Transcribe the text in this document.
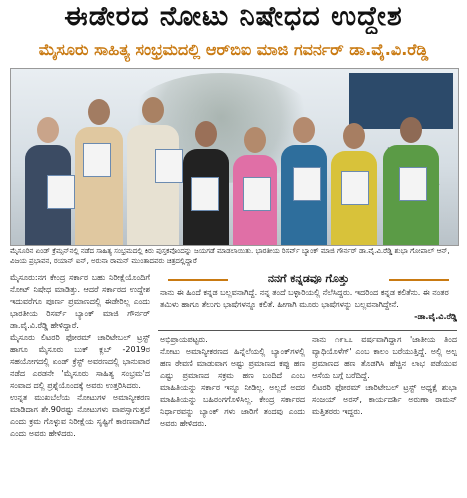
ಈಡೇರದ ನೋಟು ನಿಷೇಧದ ಉದ್ದೇಶ
ಮೈಸೂರು ಸಾಹಿತ್ಯ ಸಂಭ್ರಮದಲ್ಲಿ ಆರ್‌ಬಿಐ ಮಾಜಿ ಗವರ್ನರ್ ಡಾ.ವೈ.ವಿ.ರೆಡ್ಡಿ
ಮೈಸೂರಿನ ಏಂಡ್ ಕ್ರೆಮ್ಸನ್‌ನಲ್ಲಿ ನಡೆದ ಸಾಹಿತ್ಯ ಸಂಭ್ರಮದಲ್ಲಿ ಕಿರು ಪುಸ್ತಕವೊಂದನ್ನು ಜಯಗಡೆ ಮಾಡಲಾಯಿತು. ಭಾರತೀಯ ರಿಸರ್ವ್ ಬ್ಯಾಂಕ್ ಮಾಜಿ ಗೌರ್ನರ್ ಡಾ.ವೈ.ವಿ.ರೆಡ್ಡಿ ಶುಭಾ ಗೋಪಾಲ್ ಆನ್, ವಿಜಯ ಪ್ರಭಾವನ, ರಯಾನ್ ಐನ್, ಅರುನಾ ರಾಮನ್ ಮುಂತಾದವರು ಚಿತ್ರದಲ್ಲಿದ್ದಾರೆ

ಮೈಸೂರು:ನಗ ಕೇಂದ್ರ ಸರ್ಕಾರ ಬಹು ನಿರೀಕ್ಷೆಯೊಂದಿಗೆ ನೋಟ್ ನಿಷೇಧ ಮಾಡಿತ್ತು. ಆದರೆ ಸರ್ಕಾರದ ಉದ್ದೇಶ ಇದುವರೆಗೂ ಪೂರ್ಣ ಪ್ರಮಾಣದಲ್ಲಿ ಈಡೇರಿಲ್ಲ ಎಂದು ಭಾರತೀಯ ರಿಸರ್ವ್ ಬ್ಯಾಂಕ್ ಮಾಜಿ ಗೌರ್ನರ್ ಡಾ.ವೈ.ವಿ.ರೆಡ್ಡಿ ಹೇಳಿದ್ದಾರೆ.

ಮೈಸೂರು ಲಿಟರರಿ ಫೋರಮ್ ಚಾರಿಟೇಬಲ್ ಟ್ರಸ್ಟ್ ಹಾಗೂ ಮೈಸೂರು ಬುಕ್ ಕ್ಲಬ್ -2019ರ ಸಹಯೋಗದಲ್ಲಿ ಏಂಡ್ ಕ್ರೆಸ್ಟ್ ಅವರಣದಲ್ಲಿ ಭಾನುವಾರ ನಡೆದ ಎರಡನೇ 'ಮೈಸೂರು ಸಾಹಿತ್ಯ ಸಂಭ್ರಮ'ದ ಸಂವಾದ ದಲ್ಲಿ ಪ್ರಶ್ನೆಯೊಂದಕ್ಕೆ ಅವರು ಉತ್ತರಿಸಿದರು.

ಉನ್ನತ ಮುಖಬೆಲೆಯ ನೋಟುಗಳ ಅಮಾನ್ಯೀಕರಣ ಮಾಡಿದಾಗ ಶೇ.90ರಷ್ಟು ನೋಟುಗಳು ವಾಪಸ್ಸಾಗುತ್ತವೆ ಎಂದು ಕ್ರಮ ಗೊಳ್ಳುವ ನಿರೀಕ್ಷೆಯ ಸೃಷ್ಟಿಗೆ ಕಾರಣವಾಗಿದೆ ಎಂದು ಅವರು ಹೇಳಿದರು.

ನನಗೆ ಕನ್ನಡವೂ ಗೊತ್ತು
ನಾನು ಈ ಹಿಂದೆ ಕನ್ನಡ ಬಲ್ಲವನಾಗಿದ್ದೆ. ನನ್ನ ತಂದೆ ಬಳ್ಳಾರಿಯಲ್ಲಿ ನೆಲೆಸಿದ್ದರು. ಇದರಿಂದ ಕನ್ನಡ ಕಲಿತೆನು. ಈ ನಂತರ ತಮಿಳು ಹಾಗೂ ತೆಲುಗು ಭಾಷೆಗಳನ್ನೂ ಕಲಿತೆ. ಹೀಗಾಗಿ ಮೂರು ಭಾಷೆಗಳನ್ನು ಬಲ್ಲವನಾಗಿದ್ದೇನೆ.
-ಡಾ.ವೈ.ವಿ.ರೆಡ್ಡಿ

ಅಭಿಪ್ರಾಯಪಟ್ಟರು.

ನೋಟು ಅಮಾನ್ಯೀಕರಣದ ಹಿನ್ನೆಲೆಯಲ್ಲಿ ಬ್ಯಾಂಕ್‌ಗಳಲ್ಲಿ ಹಣ ಠೇವಣಿ ಮಾಡುವಾಗ ಅಷ್ಟು ಪ್ರಮಾಣದ ಕಪ್ಪು ಹಣ ಎಷ್ಟು ಪ್ರಮಾಣದ ಸಕ್ರಮ ಹಣ ಬಂದಿದೆ ಎಂಬ ಮಾಹಿತಿಯನ್ನು ಸರ್ಕಾರ ಇನ್ನೂ ನೀಡಿಲ್ಲ. ಅಲ್ಲದೆ ಅದರ ಮಾಹಿತಿಯನ್ನು ಬಹಿರಂಗಗೊಳಿಸಿಲ್ಲ. ಕೇಂದ್ರ ಸರ್ಕಾರದ ನಿರ್ಧಾರವನ್ನು ಬ್ಯಾಂಕ್ ಗಳು ಜಾರಿಗೆ ತಂದವು ಎಂದು ಅವರು ಹೇಳಿದರು.

ನಾನು ೧೯೬೭ ವರ್ಷವಾಗಿದ್ದಾಗ 'ಜಾತೀಯ ತಿಂದ ವ್ಯಾಧಿಯೊಳೆಗ್' ಎಂಬ ಕಾಲಂ ಬರೆಯುತ್ತಿದ್ದೆ. ಅಲ್ಲಿ ಅಲ್ಪ ಪ್ರಮಾಣದ ಹಣ ತೊಡಗಿಸಿ ಹೆಚ್ಚಿನ ಲಾಭ ಪಡೆಯುವ ಆಸೆಯ ಬಗ್ಗೆ ಬರೆದಿದ್ದೆ.

ಲಿಟರರಿ ಫೋರಮ್ ಚಾರಿಟೇಬಲ್ ಟ್ರಸ್ಟ್ ಅಧ್ಯಕ್ಷೆ ಶುಭಾ ಸಂಜಯ್ ಅರಸ್, ಕಾರ್ಯದರ್ಶಿ ಅರುಣಾ ರಾಮನ್ ಮತ್ತಿತರರು ಇದ್ದರು.
